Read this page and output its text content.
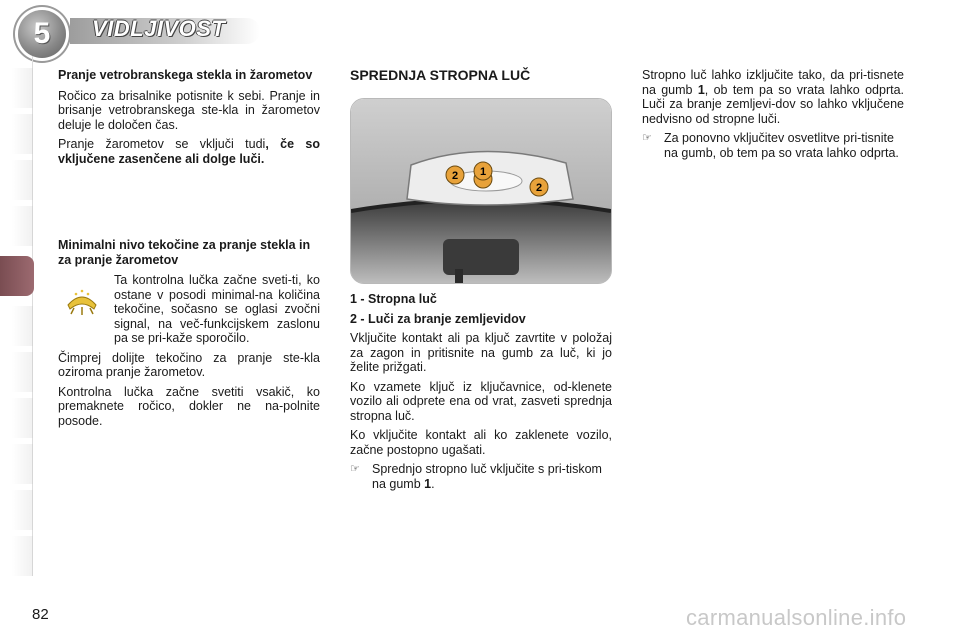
5 VIDLJIVOST
Pranje vetrobranskega stekla in žarometov

Ročico za brisalnike potisnite k sebi. Pranje in brisanje vetrobranskega ste-kla in žarometov deluje le določen čas.

Pranje žarometov se vključi tudi, če so vključene zasenčene ali dolge luči.

Minimalni nivo tekočine za pranje stekla in za pranje žarometov

Ta kontrolna lučka začne sveti-ti, ko ostane v posodi minimal-na količina tekočine, sočasno se oglasi zvočni signal, na več-funkcijskem zaslonu pa se pri-kaže sporočilo.

Čimprej dolijte tekočino za pranje ste-kla oziroma pranje žarometov.

Kontrolna lučka začne svetiti vsakič, ko premaknete ročico, dokler ne na-polnite posode.

SPREDNJA STROPNA LUČ
1
2
2
1 - Stropna luč
2 - Luči za branje zemljevidov

Vključite kontakt ali pa ključ zavrtite v položaj za zagon in pritisnite na gumb za luč, ki jo želite prižgati.

Ko vzamete ključ iz ključavnice, od-klenete vozilo ali odprete ena od vrat, zasveti sprednja stropna luč.

Ko vključite kontakt ali ko zaklenete vozilo, začne postopno ugašati.

☞ Sprednjo stropno luč vključite s pri-tiskom na gumb 1.

Stropno luč lahko izključite tako, da pri-tisnete na gumb 1, ob tem pa so vrata lahko odprta. Luči za branje zemljevi-dov so lahko vključene nedvisno od stropne luči.

☞ Za ponovno vključitev osvetlitve pri-tisnite na gumb, ob tem pa so vrata lahko odprta.
82	carmanualsonline.info
